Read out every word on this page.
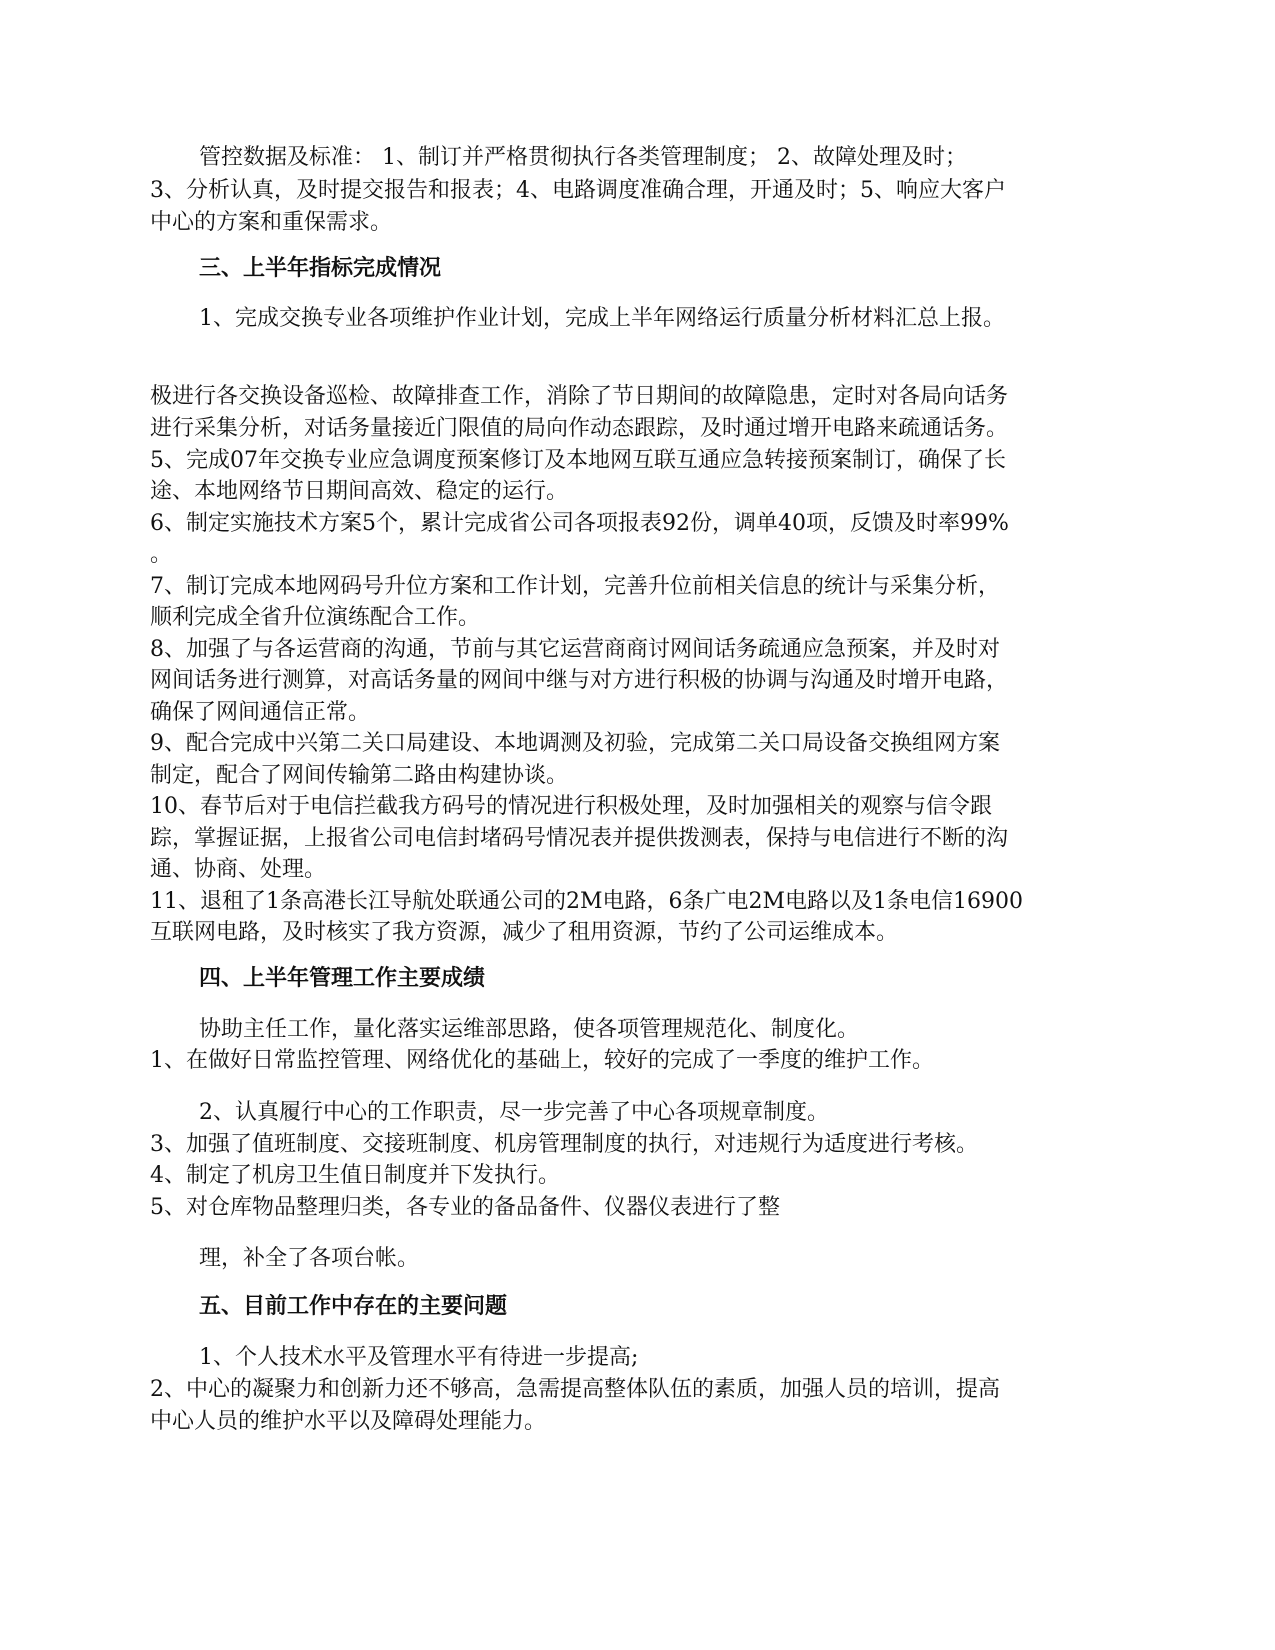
管控数据及标准： 1、制订并严格贯彻执行各类管理制度； 2、故障处理及时；
3、分析认真，及时提交报告和报表；4、电路调度准确合理，开通及时；5、响应大客户
中心的方案和重保需求。
三、上半年指标完成情况
1、完成交换专业各项维护作业计划，完成上半年网络运行质量分析材料汇总上报。
极进行各交换设备巡检、故障排查工作，消除了节日期间的故障隐患，定时对各局向话务
进行采集分析，对话务量接近门限值的局向作动态跟踪，及时通过增开电路来疏通话务。
5、完成07年交换专业应急调度预案修订及本地网互联互通应急转接预案制订，确保了长
途、本地网络节日期间高效、稳定的运行。
6、制定实施技术方案5个，累计完成省公司各项报表92份，调单40项，反馈及时率99%
。
7、制订完成本地网码号升位方案和工作计划，完善升位前相关信息的统计与采集分析，
顺利完成全省升位演练配合工作。
8、加强了与各运营商的沟通，节前与其它运营商商讨网间话务疏通应急预案，并及时对
网间话务进行测算，对高话务量的网间中继与对方进行积极的协调与沟通及时增开电路，
确保了网间通信正常。
9、配合完成中兴第二关口局建设、本地调测及初验，完成第二关口局设备交换组网方案
制定，配合了网间传输第二路由构建协谈。
10、春节后对于电信拦截我方码号的情况进行积极处理，及时加强相关的观察与信令跟
踪，掌握证据，上报省公司电信封堵码号情况表并提供拨测表，保持与电信进行不断的沟
通、协商、处理。
11、退租了1条高港长江导航处联通公司的2M电路，6条广电2M电路以及1条电信16900
互联网电路，及时核实了我方资源，减少了租用资源，节约了公司运维成本。
四、上半年管理工作主要成绩
协助主任工作，量化落实运维部思路，使各项管理规范化、制度化。
1、在做好日常监控管理、网络优化的基础上，较好的完成了一季度的维护工作。
2、认真履行中心的工作职责，尽一步完善了中心各项规章制度。
3、加强了值班制度、交接班制度、机房管理制度的执行，对违规行为适度进行考核。
4、制定了机房卫生值日制度并下发执行。
5、对仓库物品整理归类，各专业的备品备件、仪器仪表进行了整
理，补全了各项台帐。
五、目前工作中存在的主要问题
1、个人技术水平及管理水平有待进一步提高;
2、中心的凝聚力和创新力还不够高，急需提高整体队伍的素质，加强人员的培训，提高
中心人员的维护水平以及障碍处理能力。
